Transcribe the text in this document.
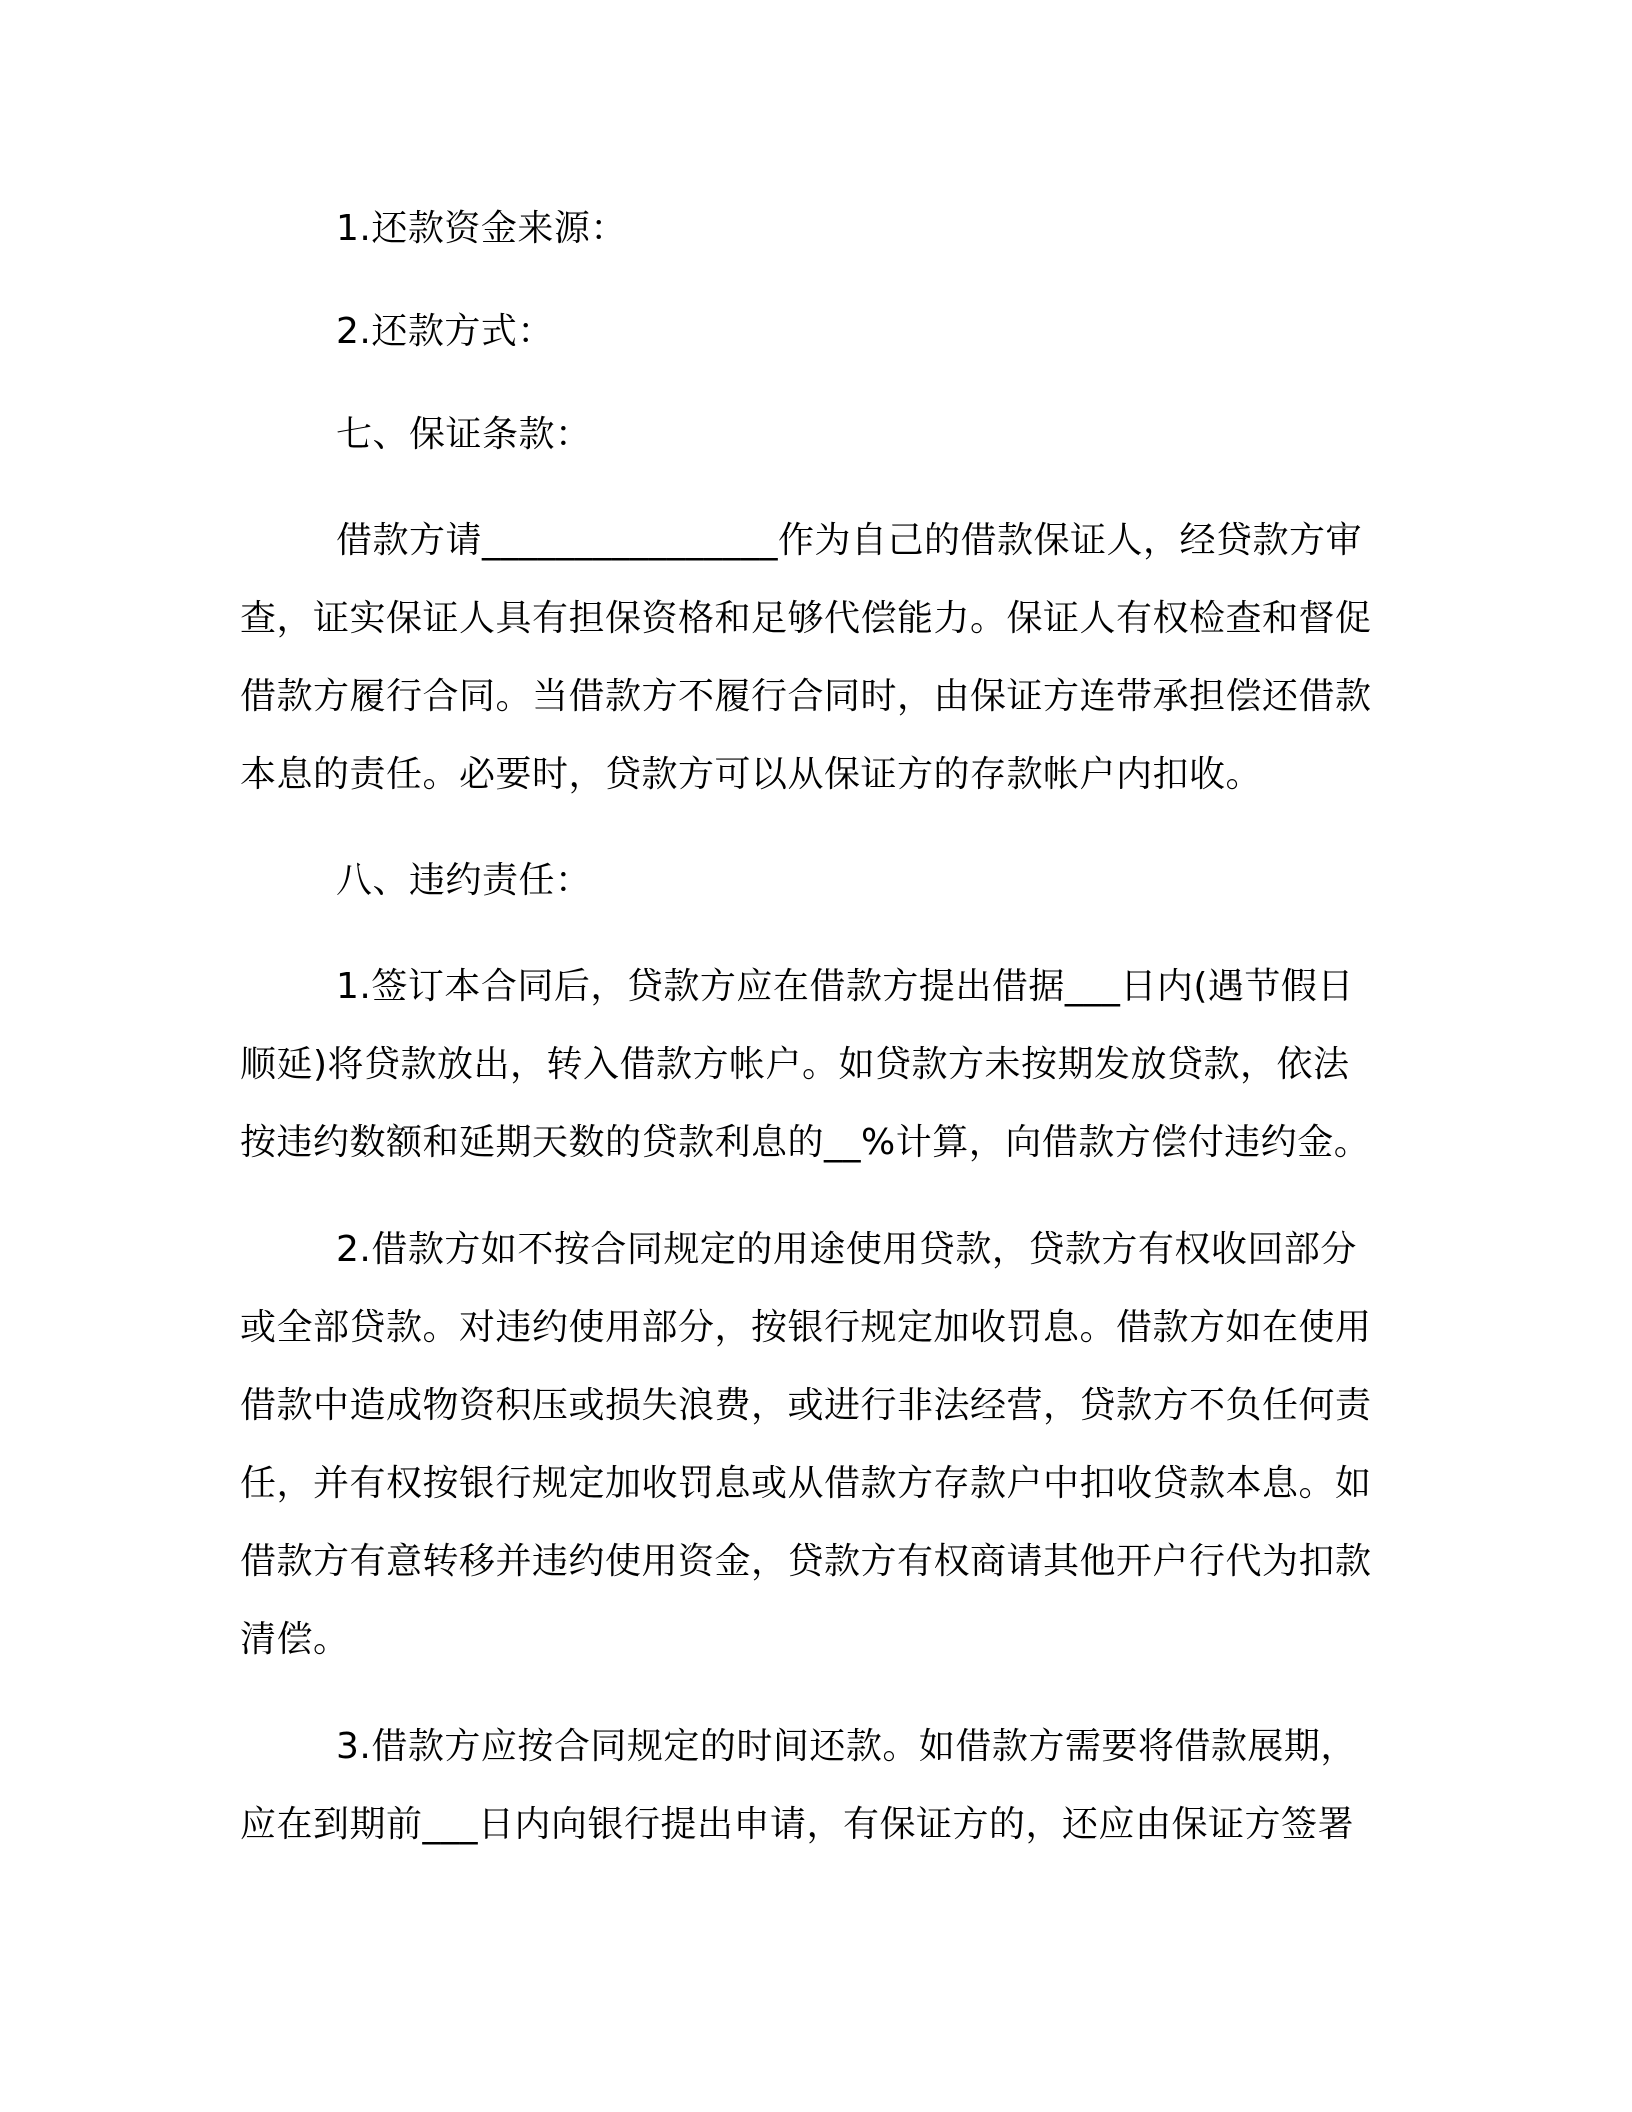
1.还款资金来源：

2.还款方式：

七、保证条款：

借款方请________________作为自己的借款保证人，经贷款方审查，证实保证人具有担保资格和足够代偿能力。保证人有权检查和督促借款方履行合同。当借款方不履行合同时，由保证方连带承担偿还借款本息的责任。必要时，贷款方可以从保证方的存款帐户内扣收。

八、违约责任：

1.签订本合同后，贷款方应在借款方提出借据___日内(遇节假日顺延)将贷款放出，转入借款方帐户。如贷款方未按期发放贷款，依法按违约数额和延期天数的贷款利息的__%计算，向借款方偿付违约金。

2.借款方如不按合同规定的用途使用贷款，贷款方有权收回部分或全部贷款。对违约使用部分，按银行规定加收罚息。借款方如在使用借款中造成物资积压或损失浪费，或进行非法经营，贷款方不负任何责任，并有权按银行规定加收罚息或从借款方存款户中扣收贷款本息。如借款方有意转移并违约使用资金，贷款方有权商请其他开户行代为扣款清偿。

3.借款方应按合同规定的时间还款。如借款方需要将借款展期，应在到期前___日内向银行提出申请，有保证方的，还应由保证方签署
